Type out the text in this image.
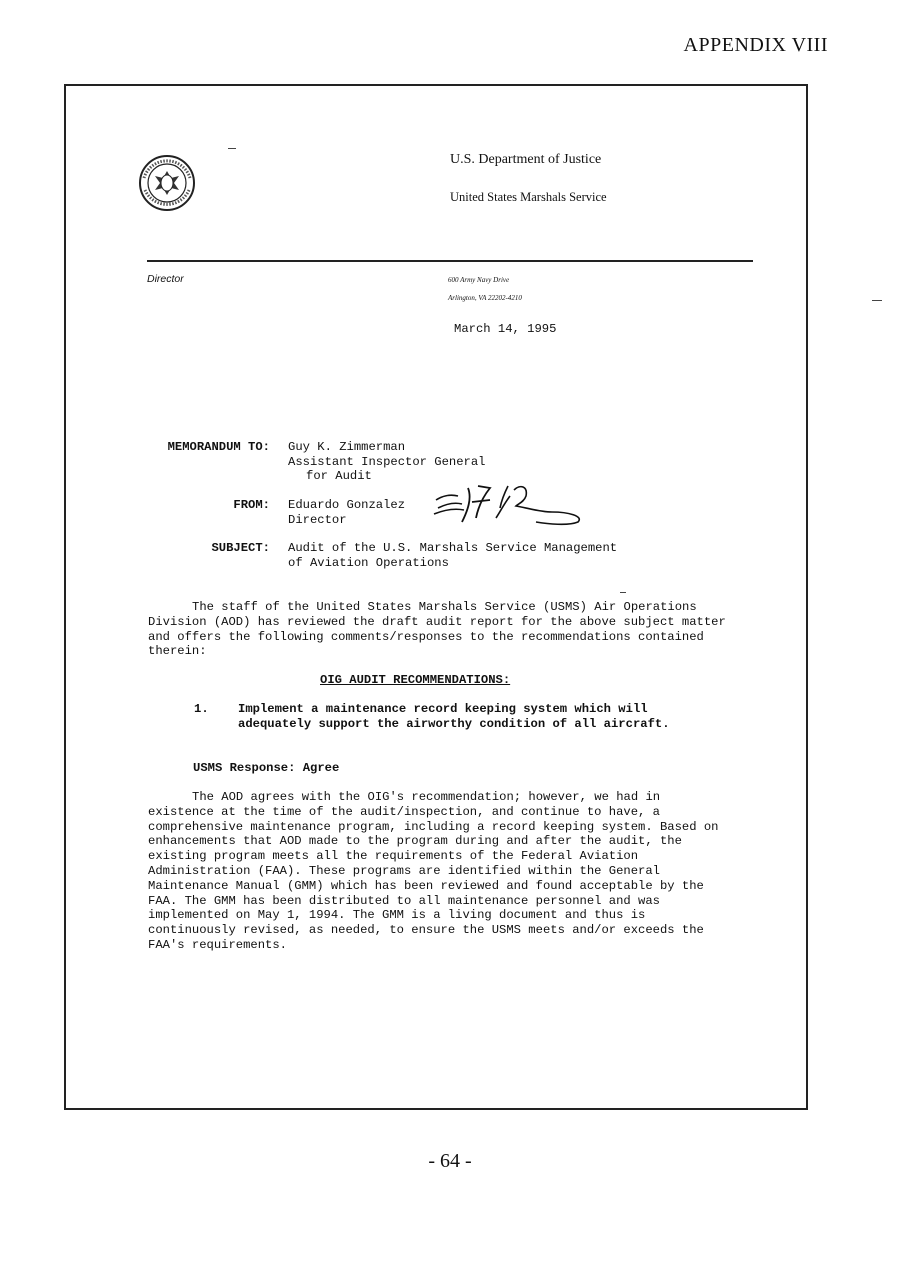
APPENDIX VIII
U.S. Department of Justice
United States Marshals Service
Director	600 Army Navy Drive
Arlington, VA 22202-4210
March 14, 1995
MEMORANDUM TO: Guy K. Zimmerman
Assistant Inspector General
for Audit
FROM: Eduardo Gonzalez
Director
SUBJECT: Audit of the U.S. Marshals Service Management
of Aviation Operations

The staff of the United States Marshals Service (USMS) Air Operations Division (AOD) has reviewed the draft audit report for the above subject matter and offers the following comments/responses to the recommendations contained therein:

OIG AUDIT RECOMMENDATIONS:
1. Implement a maintenance record keeping system which will adequately support the airworthy condition of all aircraft.
USMS Response: Agree

The AOD agrees with the OIG's recommendation; however, we had in existence at the time of the audit/inspection, and continue to have, a comprehensive maintenance program, including a record keeping system. Based on enhancements that AOD made to the program during and after the audit, the existing program meets all the requirements of the Federal Aviation Administration (FAA). These programs are identified within the General Maintenance Manual (GMM) which has been reviewed and found acceptable by the FAA. The GMM has been distributed to all maintenance personnel and was implemented on May 1, 1994. The GMM is a living document and thus is continuously revised, as needed, to ensure the USMS meets and/or exceeds the FAA's requirements.

- 64 -
